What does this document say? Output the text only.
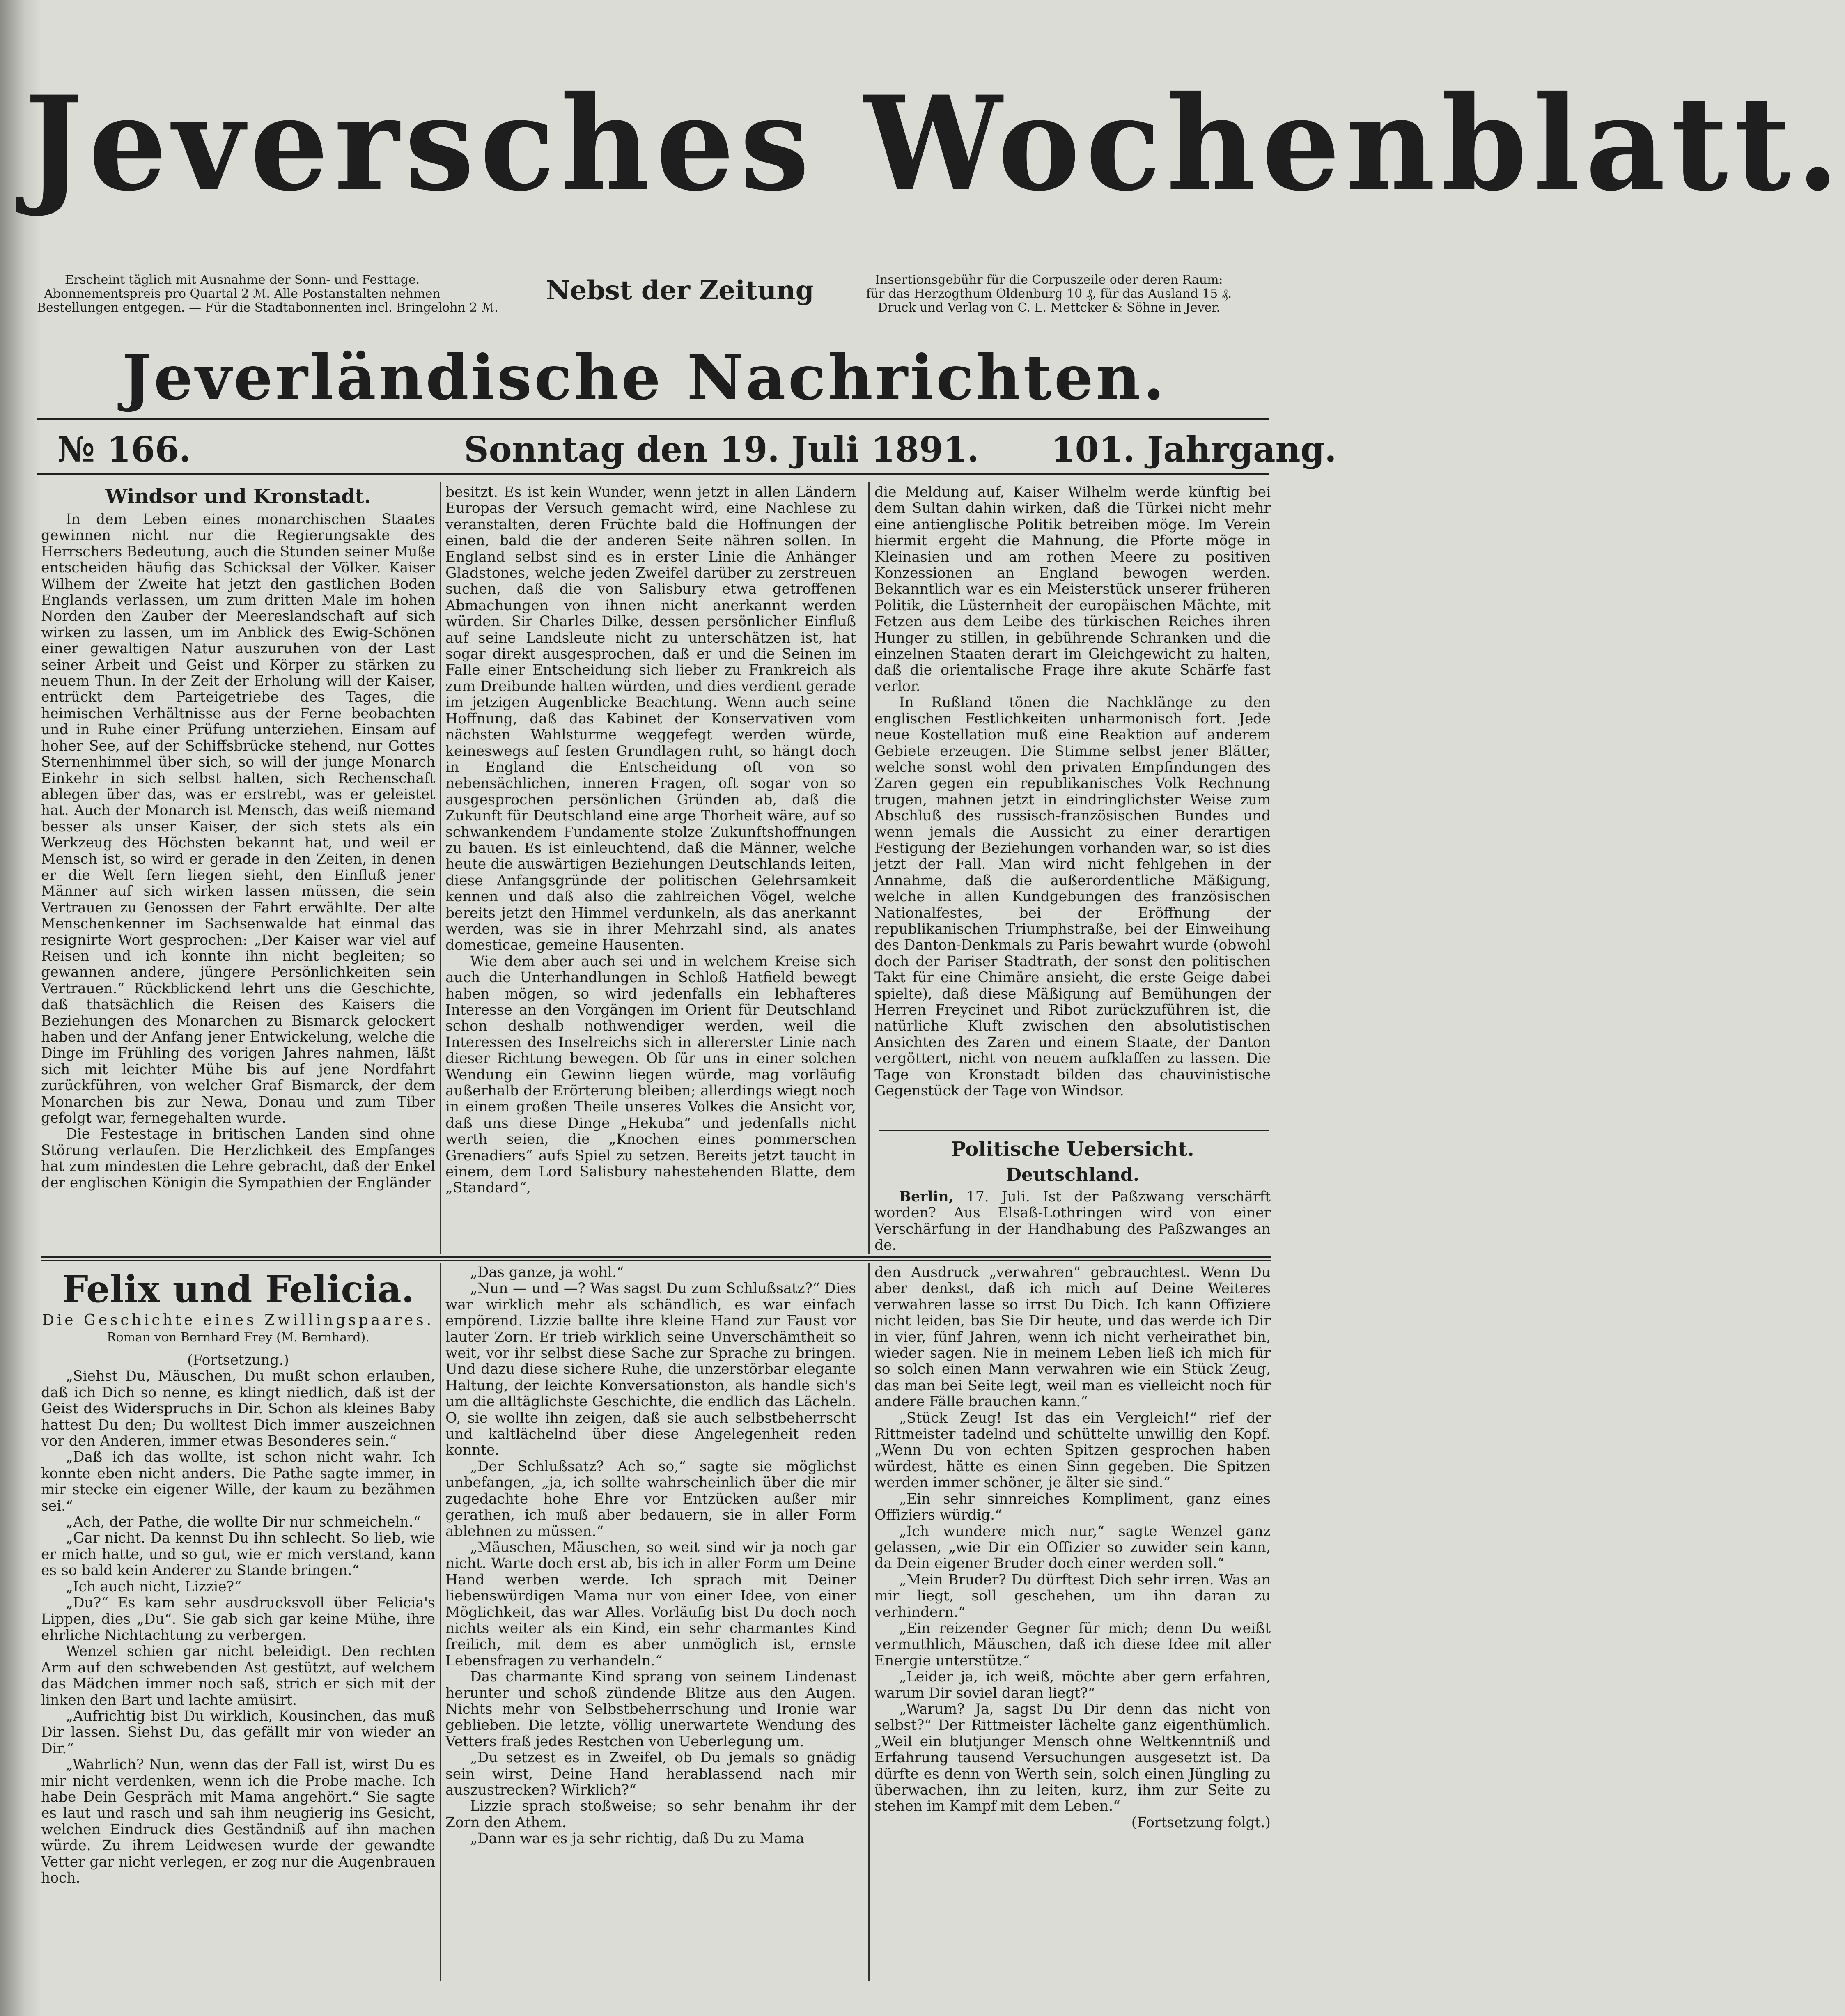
Jeversches Wochenblatt.
Erscheint täglich mit Ausnahme der Sonn- und Festtage.
Abonnementspreis pro Quartal 2 ℳ. Alle Postanstalten nehmen
Bestellungen entgegen. — Für die Stadtabonnenten incl. Bringelohn 2 ℳ.
Nebst der Zeitung	Insertionsgebühr für die Corpuszeile oder deren Raum:
für das Herzogthum Oldenburg 10 ₰, für das Ausland 15 ₰.
Druck und Verlag von C. L. Mettcker & Söhne in Jever.
Jeverländische Nachrichten.
№ 166.	Sonntag den 19. Juli 1891. 101. Jahrgang.
Windsor und Kronstadt.

In dem Leben eines monarchischen Staates gewinnen nicht nur die Regierungsakte des Herrschers Bedeutung, auch die Stunden seiner Muße entscheiden häufig das Schicksal der Völker. Kaiser Wilhem der Zweite hat jetzt den gastlichen Boden Englands verlassen, um zum dritten Male im hohen Norden den Zauber der Meereslandschaft auf sich wirken zu lassen, um im Anblick des Ewig-Schönen einer gewaltigen Natur auszuruhen von der Last seiner Arbeit und Geist und Körper zu stärken zu neuem Thun. In der Zeit der Erholung will der Kaiser, entrückt dem Parteigetriebe des Tages, die heimischen Verhältnisse aus der Ferne beobachten und in Ruhe einer Prüfung unterziehen. Einsam auf hoher See, auf der Schiffsbrücke stehend, nur Gottes Sternenhimmel über sich, so will der junge Monarch Einkehr in sich selbst halten, sich Rechenschaft ablegen über das, was er erstrebt, was er geleistet hat. Auch der Monarch ist Mensch, das weiß niemand besser als unser Kaiser, der sich stets als ein Werkzeug des Höchsten bekannt hat, und weil er Mensch ist, so wird er gerade in den Zeiten, in denen er die Welt fern liegen sieht, den Einfluß jener Männer auf sich wirken lassen müssen, die sein Vertrauen zu Genossen der Fahrt erwählte. Der alte Menschenkenner im Sachsenwalde hat einmal das resignirte Wort gesprochen: „Der Kaiser war viel auf Reisen und ich konnte ihn nicht begleiten; so gewannen andere, jüngere Persönlichkeiten sein Vertrauen.“ Rückblickend lehrt uns die Geschichte, daß thatsächlich die Reisen des Kaisers die Beziehungen des Monarchen zu Bismarck gelockert haben und der Anfang jener Entwickelung, welche die Dinge im Frühling des vorigen Jahres nahmen, läßt sich mit leichter Mühe bis auf jene Nordfahrt zurückführen, von welcher Graf Bismarck, der dem Monarchen bis zur Newa, Donau und zum Tiber gefolgt war, fernegehalten wurde.

Die Festestage in britischen Landen sind ohne Störung verlaufen. Die Herzlichkeit des Empfanges hat zum mindesten die Lehre gebracht, daß der Enkel der englischen Königin die Sympathien der Engländer

besitzt. Es ist kein Wunder, wenn jetzt in allen Ländern Europas der Versuch gemacht wird, eine Nachlese zu veranstalten, deren Früchte bald die Hoffnungen der einen, bald die der anderen Seite nähren sollen. In England selbst sind es in erster Linie die Anhänger Gladstones, welche jeden Zweifel darüber zu zerstreuen suchen, daß die von Salisbury etwa getroffenen Abmachungen von ihnen nicht anerkannt werden würden. Sir Charles Dilke, dessen persönlicher Einfluß auf seine Landsleute nicht zu unterschätzen ist, hat sogar direkt ausgesprochen, daß er und die Seinen im Falle einer Entscheidung sich lieber zu Frankreich als zum Dreibunde halten würden, und dies verdient gerade im jetzigen Augenblicke Beachtung. Wenn auch seine Hoffnung, daß das Kabinet der Konservativen vom nächsten Wahlsturme weggefegt werden würde, keineswegs auf festen Grundlagen ruht, so hängt doch in England die Entscheidung oft von so nebensächlichen, inneren Fragen, oft sogar von so ausgesprochen persönlichen Gründen ab, daß die Zukunft für Deutschland eine arge Thorheit wäre, auf so schwankendem Fundamente stolze Zukunftshoffnungen zu bauen. Es ist einleuchtend, daß die Männer, welche heute die auswärtigen Beziehungen Deutschlands leiten, diese Anfangsgründe der politischen Gelehrsamkeit kennen und daß also die zahlreichen Vögel, welche bereits jetzt den Himmel verdunkeln, als das anerkannt werden, was sie in ihrer Mehrzahl sind, als anates domesticae, gemeine Hausenten.

Wie dem aber auch sei und in welchem Kreise sich auch die Unterhandlungen in Schloß Hatfield bewegt haben mögen, so wird jedenfalls ein lebhafteres Interesse an den Vorgängen im Orient für Deutschland schon deshalb nothwendiger werden, weil die Interessen des Inselreichs sich in allererster Linie nach dieser Richtung bewegen. Ob für uns in einer solchen Wendung ein Gewinn liegen würde, mag vorläufig außerhalb der Erörterung bleiben; allerdings wiegt noch in einem großen Theile unseres Volkes die Ansicht vor, daß uns diese Dinge „Hekuba“ und jedenfalls nicht werth seien, die „Knochen eines pommerschen Grenadiers“ aufs Spiel zu setzen. Bereits jetzt taucht in einem, dem Lord Salisbury nahestehenden Blatte, dem „Standard“,

die Meldung auf, Kaiser Wilhelm werde künftig bei dem Sultan dahin wirken, daß die Türkei nicht mehr eine antienglische Politik betreiben möge. Im Verein hiermit ergeht die Mahnung, die Pforte möge in Kleinasien und am rothen Meere zu positiven Konzessionen an England bewogen werden. Bekanntlich war es ein Meisterstück unserer früheren Politik, die Lüsternheit der europäischen Mächte, mit Fetzen aus dem Leibe des türkischen Reiches ihren Hunger zu stillen, in gebührende Schranken und die einzelnen Staaten derart im Gleichgewicht zu halten, daß die orientalische Frage ihre akute Schärfe fast verlor.

In Rußland tönen die Nachklänge zu den englischen Festlichkeiten unharmonisch fort. Jede neue Kostellation muß eine Reaktion auf anderem Gebiete erzeugen. Die Stimme selbst jener Blätter, welche sonst wohl den privaten Empfindungen des Zaren gegen ein republikanisches Volk Rechnung trugen, mahnen jetzt in eindringlichster Weise zum Abschluß des russisch-französischen Bundes und wenn jemals die Aussicht zu einer derartigen Festigung der Beziehungen vorhanden war, so ist dies jetzt der Fall. Man wird nicht fehlgehen in der Annahme, daß die außerordentliche Mäßigung, welche in allen Kundgebungen des französischen Nationalfestes, bei der Eröffnung der republikanischen Triumphstraße, bei der Einweihung des Danton-Denkmals zu Paris bewahrt wurde (obwohl doch der Pariser Stadtrath, der sonst den politischen Takt für eine Chimäre ansieht, die erste Geige dabei spielte), daß diese Mäßigung auf Bemühungen der Herren Freycinet und Ribot zurückzuführen ist, die natürliche Kluft zwischen den absolutistischen Ansichten des Zaren und einem Staate, der Danton vergöttert, nicht von neuem aufklaffen zu lassen. Die Tage von Kronstadt bilden das chauvinistische Gegenstück der Tage von Windsor.

Politische Uebersicht.
Deutschland.

Berlin, 17. Juli. Ist der Paßzwang verschärft worden? Aus Elsaß-Lothringen wird von einer Verschärfung in der Handhabung des Paßzwanges an de.

Felix und Felicia.
Die Geschichte eines Zwillingspaares.
Roman von Bernhard Frey (M. Bernhard).

(Fortsetzung.)

„Siehst Du, Mäuschen, Du mußt schon erlauben, daß ich Dich so nenne, es klingt niedlich, daß ist der Geist des Widerspruchs in Dir. Schon als kleines Baby hattest Du den; Du wolltest Dich immer auszeichnen vor den Anderen, immer etwas Besonderes sein.“

„Daß ich das wollte, ist schon nicht wahr. Ich konnte eben nicht anders. Die Pathe sagte immer, in mir stecke ein eigener Wille, der kaum zu bezähmen sei.“

„Ach, der Pathe, die wollte Dir nur schmeicheln.“

„Gar nicht. Da kennst Du ihn schlecht. So lieb, wie er mich hatte, und so gut, wie er mich verstand, kann es so bald kein Anderer zu Stande bringen.“

„Ich auch nicht, Lizzie?“

„Du?“ Es kam sehr ausdrucksvoll über Felicia's Lippen, dies „Du“. Sie gab sich gar keine Mühe, ihre ehrliche Nichtachtung zu verbergen.

Wenzel schien gar nicht beleidigt. Den rechten Arm auf den schwebenden Ast gestützt, auf welchem das Mädchen immer noch saß, strich er sich mit der linken den Bart und lachte amüsirt.

„Aufrichtig bist Du wirklich, Kousinchen, das muß Dir lassen. Siehst Du, das gefällt mir von wieder an Dir.“

„Wahrlich? Nun, wenn das der Fall ist, wirst Du es mir nicht verdenken, wenn ich die Probe mache. Ich habe Dein Gespräch mit Mama angehört.“ Sie sagte es laut und rasch und sah ihm neugierig ins Gesicht, welchen Eindruck dies Geständniß auf ihn machen würde. Zu ihrem Leidwesen wurde der gewandte Vetter gar nicht verlegen, er zog nur die Augenbrauen hoch.

„Das ganze, ja wohl.“

„Nun — und —? Was sagst Du zum Schlußsatz?“ Dies war wirklich mehr als schändlich, es war einfach empörend. Lizzie ballte ihre kleine Hand zur Faust vor lauter Zorn. Er trieb wirklich seine Unverschämtheit so weit, vor ihr selbst diese Sache zur Sprache zu bringen. Und dazu diese sichere Ruhe, die unzerstörbar elegante Haltung, der leichte Konversationston, als handle sich's um die alltäglichste Geschichte, die endlich das Lächeln. O, sie wollte ihn zeigen, daß sie auch selbstbeherrscht und kaltlächelnd über diese Angelegenheit reden konnte.

„Der Schlußsatz? Ach so,“ sagte sie möglichst unbefangen, „ja, ich sollte wahrscheinlich über die mir zugedachte hohe Ehre vor Entzücken außer mir gerathen, ich muß aber bedauern, sie in aller Form ablehnen zu müssen.“

„Mäuschen, Mäuschen, so weit sind wir ja noch gar nicht. Warte doch erst ab, bis ich in aller Form um Deine Hand werben werde. Ich sprach mit Deiner liebenswürdigen Mama nur von einer Idee, von einer Möglichkeit, das war Alles. Vorläufig bist Du doch noch nichts weiter als ein Kind, ein sehr charmantes Kind freilich, mit dem es aber unmöglich ist, ernste Lebensfragen zu verhandeln.“

Das charmante Kind sprang von seinem Lindenast herunter und schoß zündende Blitze aus den Augen. Nichts mehr von Selbstbeherrschung und Ironie war geblieben. Die letzte, völlig unerwartete Wendung des Vetters fraß jedes Restchen von Ueberlegung um.

„Du setzest es in Zweifel, ob Du jemals so gnädig sein wirst, Deine Hand herablassend nach mir auszustrecken? Wirklich?“

Lizzie sprach stoßweise; so sehr benahm ihr der Zorn den Athem.

„Dann war es ja sehr richtig, daß Du zu Mama

den Ausdruck „verwahren“ gebrauchtest. Wenn Du aber denkst, daß ich mich auf Deine Weiteres verwahren lasse so irrst Du Dich. Ich kann Offiziere nicht leiden, bas Sie Dir heute, und das werde ich Dir in vier, fünf Jahren, wenn ich nicht verheirathet bin, wieder sagen. Nie in meinem Leben ließ ich mich für so solch einen Mann verwahren wie ein Stück Zeug, das man bei Seite legt, weil man es vielleicht noch für andere Fälle brauchen kann.“

„Stück Zeug! Ist das ein Vergleich!“ rief der Rittmeister tadelnd und schüttelte unwillig den Kopf. „Wenn Du von echten Spitzen gesprochen haben würdest, hätte es einen Sinn gegeben. Die Spitzen werden immer schöner, je älter sie sind.“

„Ein sehr sinnreiches Kompliment, ganz eines Offiziers würdig.“

„Ich wundere mich nur,“ sagte Wenzel ganz gelassen, „wie Dir ein Offizier so zuwider sein kann, da Dein eigener Bruder doch einer werden soll.“

„Mein Bruder? Du dürftest Dich sehr irren. Was an mir liegt, soll geschehen, um ihn daran zu verhindern.“

„Ein reizender Gegner für mich; denn Du weißt vermuthlich, Mäuschen, daß ich diese Idee mit aller Energie unterstütze.“

„Leider ja, ich weiß, möchte aber gern erfahren, warum Dir soviel daran liegt?“

„Warum? Ja, sagst Du Dir denn das nicht von selbst?“ Der Rittmeister lächelte ganz eigenthümlich. „Weil ein blutjunger Mensch ohne Weltkenntniß und Erfahrung tausend Versuchungen ausgesetzt ist. Da dürfte es denn von Werth sein, solch einen Jüngling zu überwachen, ihn zu leiten, kurz, ihm zur Seite zu stehen im Kampf mit dem Leben.“

(Fortsetzung folgt.)
